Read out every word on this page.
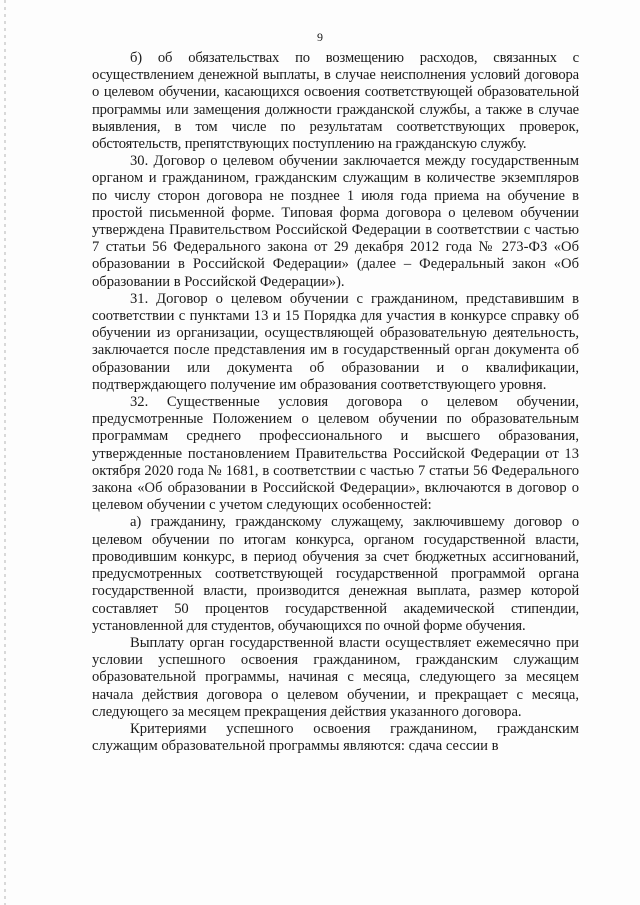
9

б) об обязательствах по возмещению расходов, связанных с осуществлением денежной выплаты, в случае неисполнения условий договора о целевом обучении, касающихся освоения соответствующей образовательной программы или замещения должности гражданской службы, а также в случае выявления, в том числе по результатам соответствующих проверок, обстоятельств, препятствующих поступлению на гражданскую службу.

30. Договор о целевом обучении заключается между государственным органом и гражданином, гражданским служащим в количестве экземпляров по числу сторон договора не позднее 1 июля года приема на обучение в простой письменной форме. Типовая форма договора о целевом обучении утверждена Правительством Российской Федерации в соответствии с частью 7 статьи 56 Федерального закона от 29 декабря 2012 года № 273-ФЗ «Об образовании в Российской Федерации» (далее – Федеральный закон «Об образовании в Российской Федерации»).

31. Договор о целевом обучении с гражданином, представившим в соответствии с пунктами 13 и 15 Порядка для участия в конкурсе справку об обучении из организации, осуществляющей образовательную деятельность, заключается после представления им в государственный орган документа об образовании или документа об образовании и о квалификации, подтверждающего получение им образования соответствующего уровня.

32. Существенные условия договора о целевом обучении, предусмотренные Положением о целевом обучении по образовательным программам среднего профессионального и высшего образования, утвержденные постановлением Правительства Российской Федерации от 13 октября 2020 года № 1681, в соответствии с частью 7 статьи 56 Федерального закона «Об образовании в Российской Федерации», включаются в договор о целевом обучении с учетом следующих особенностей:

а) гражданину, гражданскому служащему, заключившему договор о целевом обучении по итогам конкурса, органом государственной власти, проводившим конкурс, в период обучения за счет бюджетных ассигнований, предусмотренных соответствующей государственной программой органа государственной власти, производится денежная выплата, размер которой составляет 50 процентов государственной академической стипендии, установленной для студентов, обучающихся по очной форме обучения.

Выплату орган государственной власти осуществляет ежемесячно при условии успешного освоения гражданином, гражданским служащим образовательной программы, начиная с месяца, следующего за месяцем начала действия договора о целевом обучении, и прекращает с месяца, следующего за месяцем прекращения действия указанного договора.

Критериями успешного освоения гражданином, гражданским служащим образовательной программы являются: сдача сессии в
